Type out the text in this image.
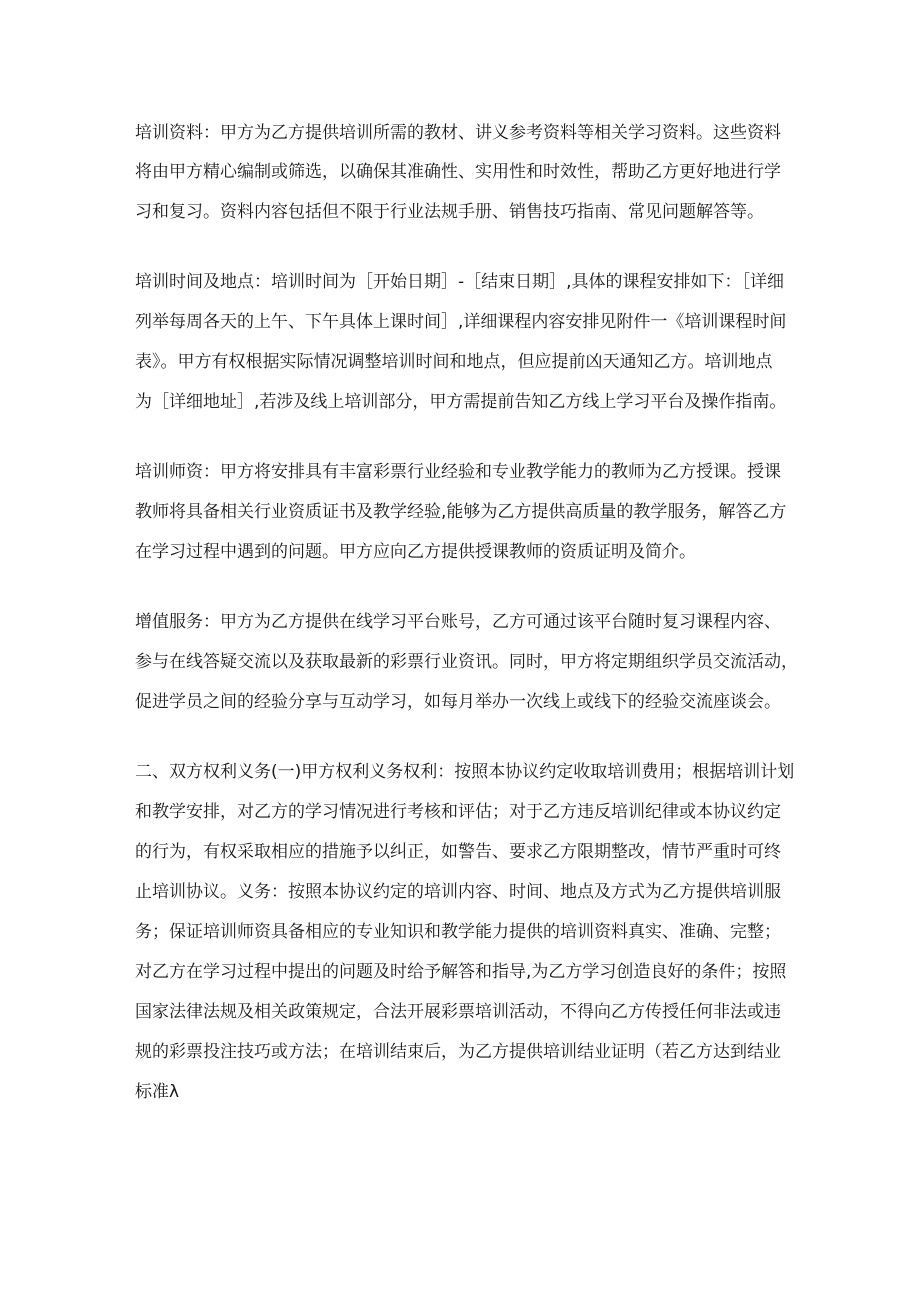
培训资料：甲方为乙方提供培训所需的教材、讲义参考资料等相关学习资料。这些资料
将由甲方精心编制或筛选，以确保其准确性、实用性和时效性，帮助乙方更好地进行学
习和复习。资料内容包括但不限于行业法规手册、销售技巧指南、常见问题解答等。
培训时间及地点：培训时间为［开始日期］-［结束日期］,具体的课程安排如下：［详细
列举每周各天的上午、下午具体上课时间］,详细课程内容安排见附件一《培训课程时间
表》。甲方有权根据实际情况调整培训时间和地点，但应提前凶天通知乙方。培训地点
为［详细地址］,若涉及线上培训部分，甲方需提前告知乙方线上学习平台及操作指南。
培训师资：甲方将安排具有丰富彩票行业经验和专业教学能力的教师为乙方授课。授课
教师将具备相关行业资质证书及教学经验,能够为乙方提供高质量的教学服务，解答乙方
在学习过程中遇到的问题。甲方应向乙方提供授课教师的资质证明及简介。
增值服务：甲方为乙方提供在线学习平台账号，乙方可通过该平台随时复习课程内容、
参与在线答疑交流以及获取最新的彩票行业资讯。同时，甲方将定期组织学员交流活动，
促进学员之间的经验分享与互动学习，如每月举办一次线上或线下的经验交流座谈会。
二、双方权利义务(一)甲方权利义务权利：按照本协议约定收取培训费用；根据培训计划
和教学安排，对乙方的学习情况进行考核和评估；对于乙方违反培训纪律或本协议约定
的行为，有权采取相应的措施予以纠正，如警告、要求乙方限期整改，情节严重时可终
止培训协议。义务：按照本协议约定的培训内容、时间、地点及方式为乙方提供培训服
务；保证培训师资具备相应的专业知识和教学能力提供的培训资料真实、准确、完整；
对乙方在学习过程中提出的问题及时给予解答和指导,为乙方学习创造良好的条件；按照
国家法律法规及相关政策规定，合法开展彩票培训活动，不得向乙方传授任何非法或违
规的彩票投注技巧或方法；在培训结束后，为乙方提供培训结业证明（若乙方达到结业
标准λ
